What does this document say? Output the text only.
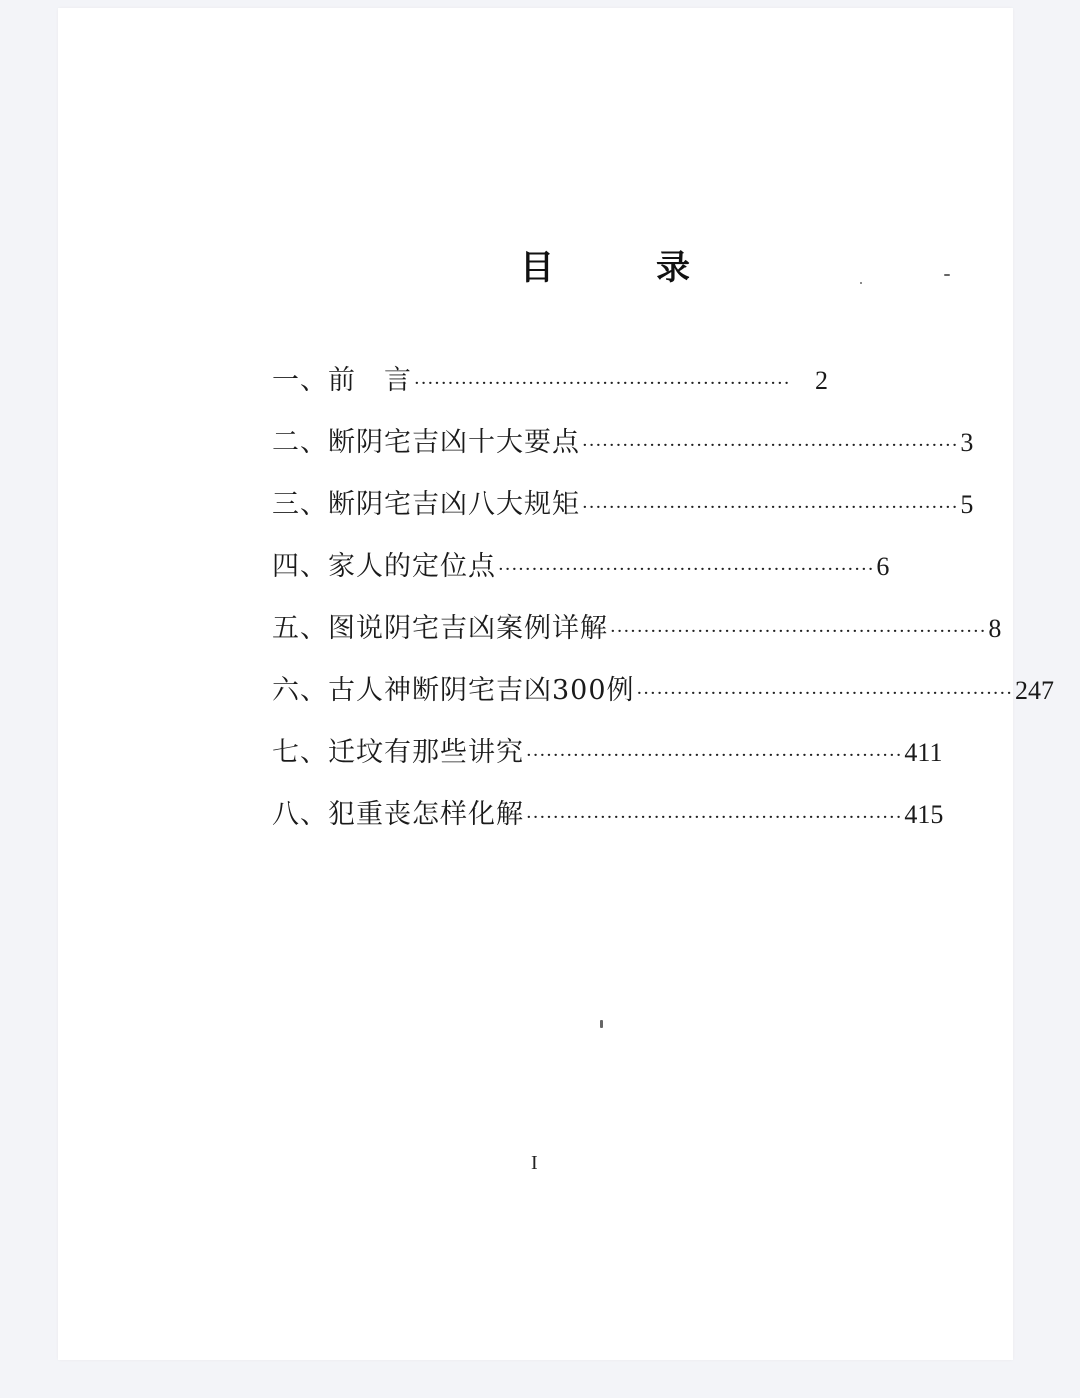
目	录
一、前　言 ························································ 2
二、断阴宅吉凶十大要点 ························································ 3
三、断阴宅吉凶八大规矩 ························································ 5
四、家人的定位点 ························································ 6
五、图说阴宅吉凶案例详解 ························································ 8
六、古人神断阴宅吉凶300例 ························································ 247
七、迁坟有那些讲究 ························································ 411
八、犯重丧怎样化解 ························································ 415
I
